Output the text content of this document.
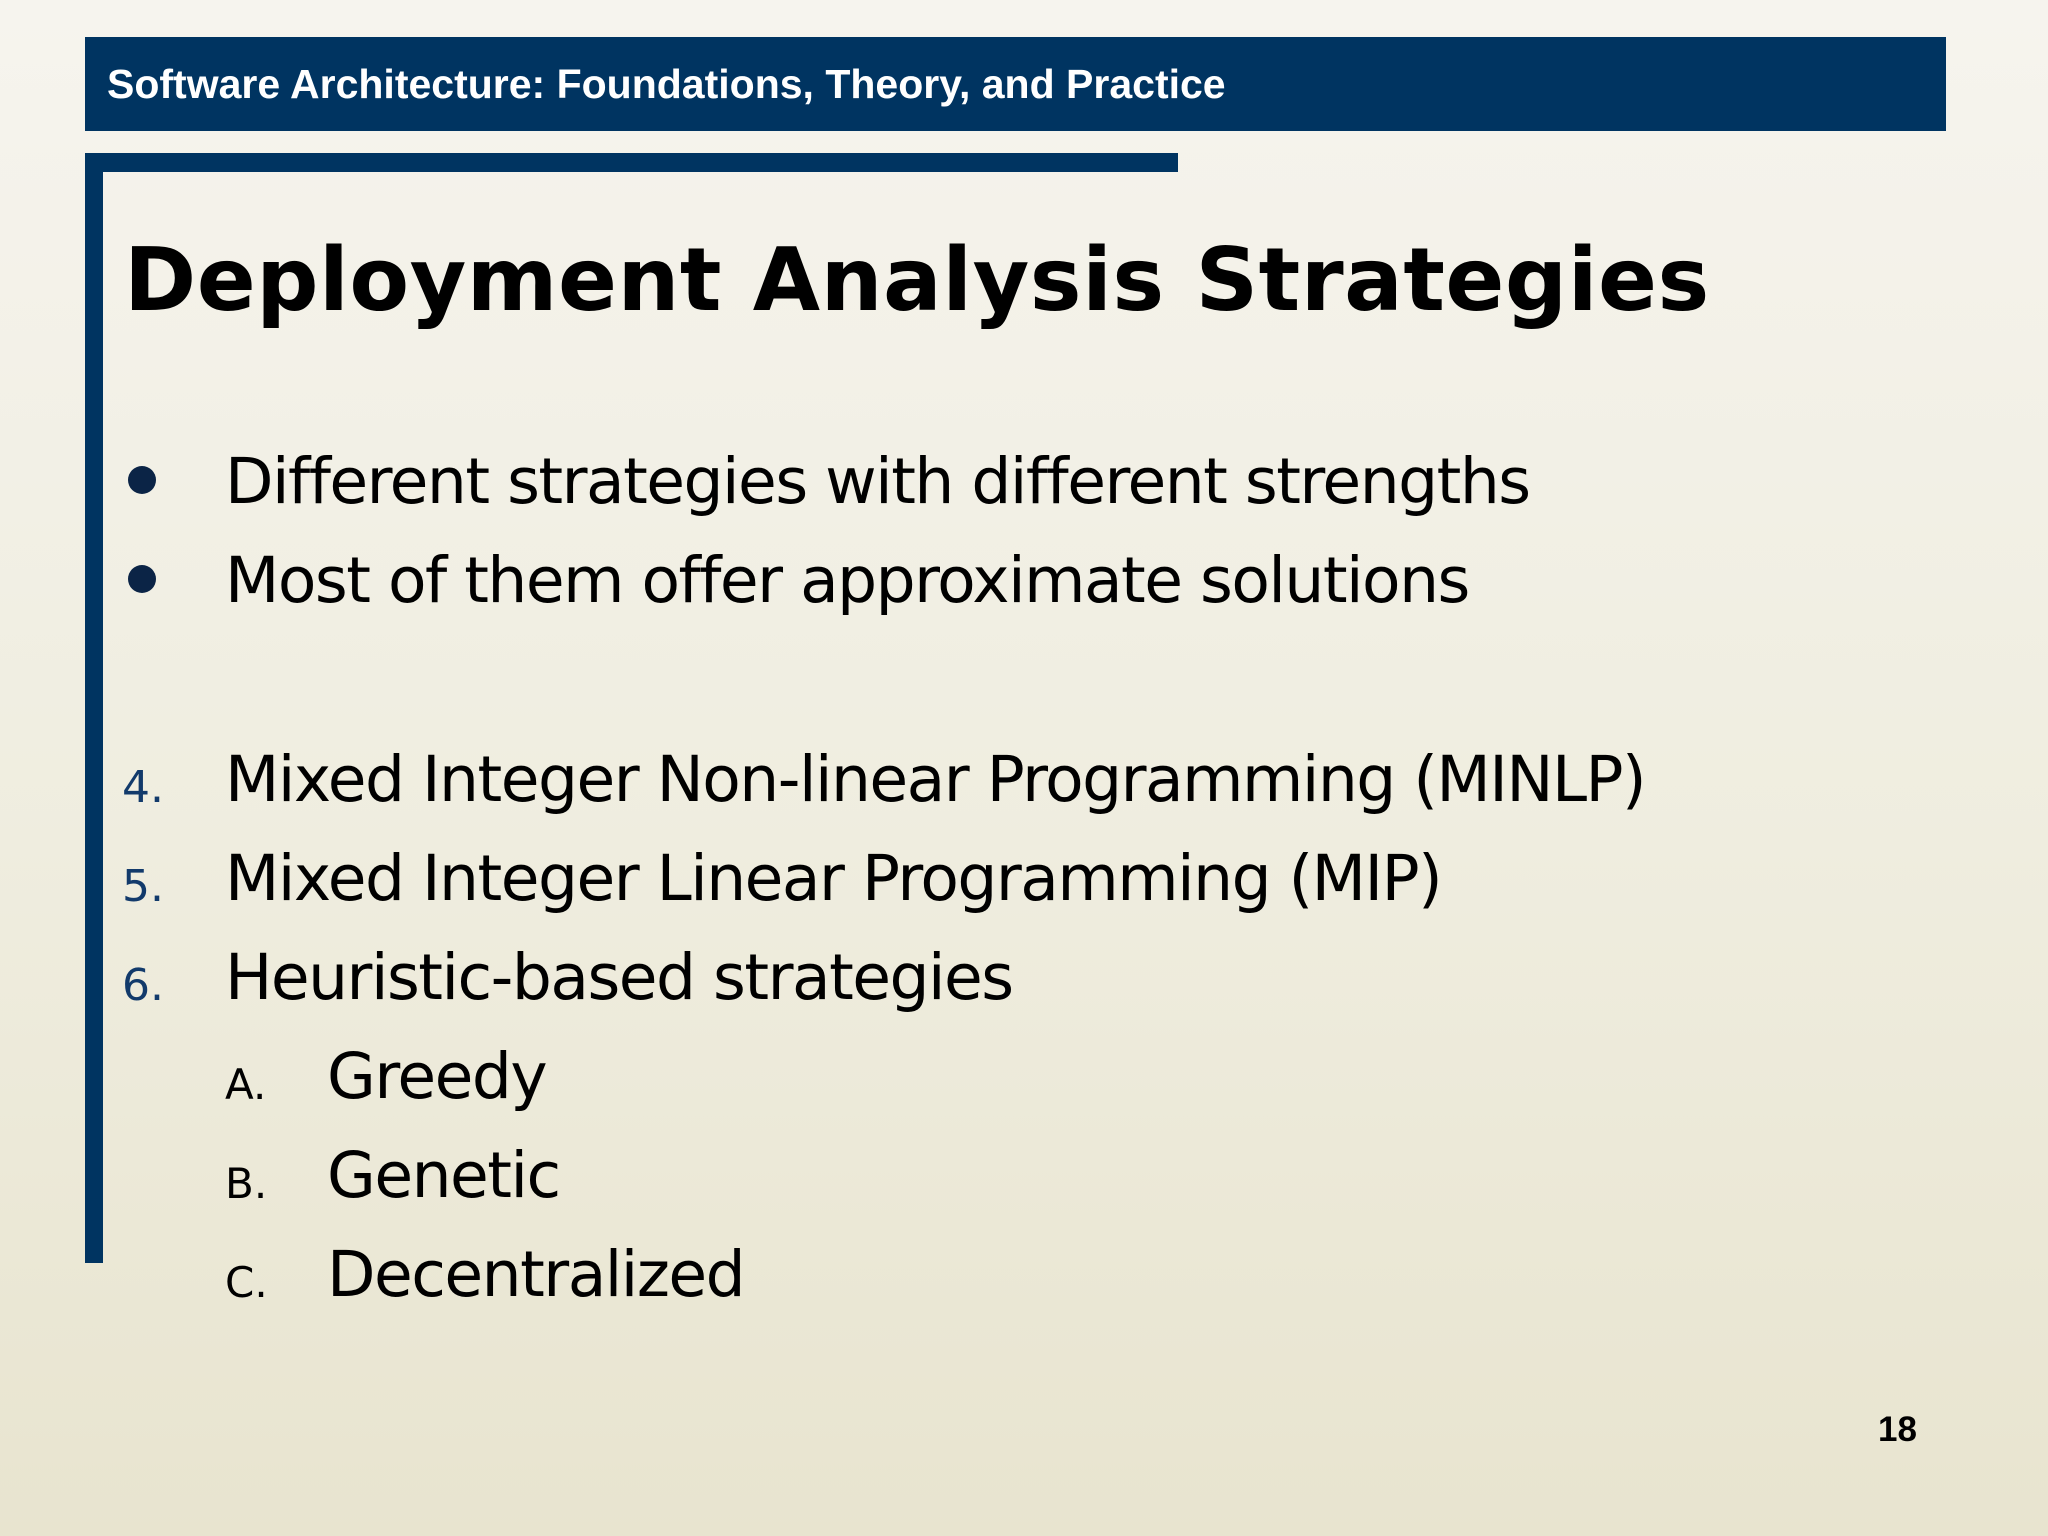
Software Architecture: Foundations, Theory, and Practice
Deployment Analysis Strategies
Different strategies with different strengths
Most of them offer approximate solutions
4. Mixed Integer Non-linear Programming (MINLP)
5. Mixed Integer Linear Programming (MIP)
6. Heuristic-based strategies
A. Greedy
B. Genetic
C. Decentralized
18
